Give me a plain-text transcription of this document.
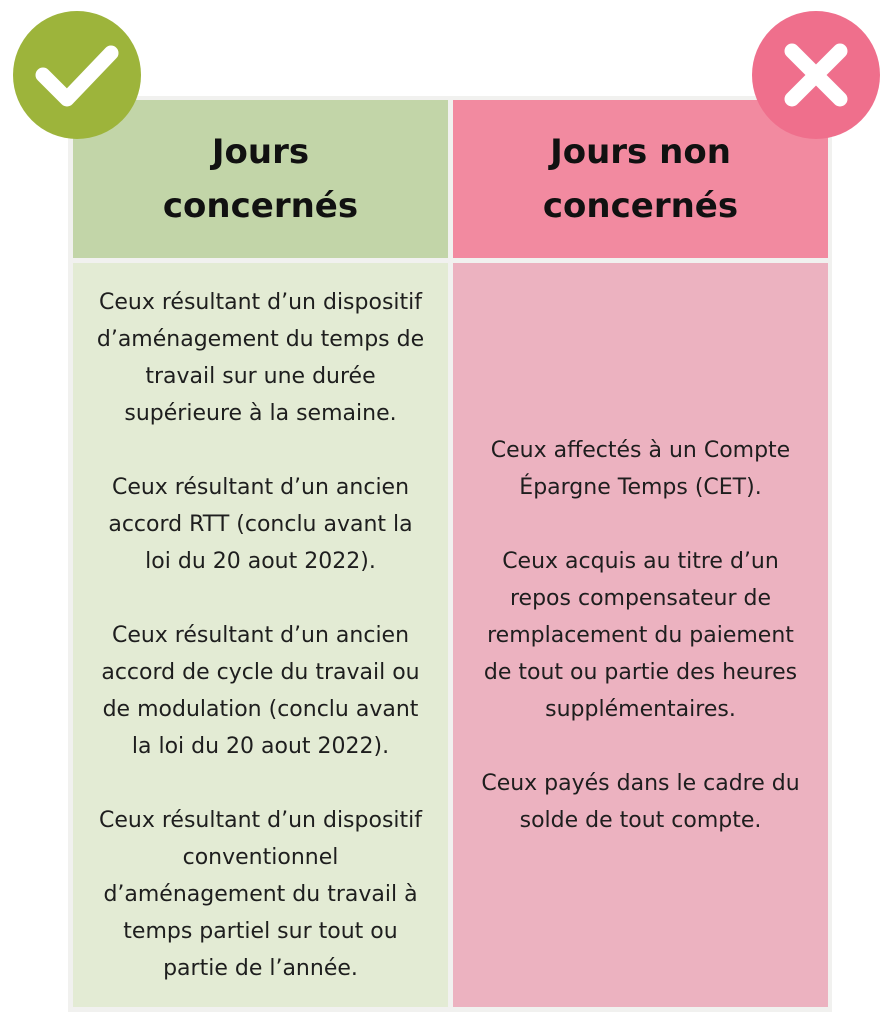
Jours
concernés
Jours non
concernés

Ceux résultant d’un dispositif
d’aménagement du temps de
travail sur une durée
supérieure à la semaine.

Ceux résultant d’un ancien
accord RTT (conclu avant la
loi du 20 aout 2022).

Ceux résultant d’un ancien
accord de cycle du travail ou
de modulation (conclu avant
la loi du 20 aout 2022).

Ceux résultant d’un dispositif
conventionnel
d’aménagement du travail à
temps partiel sur tout ou
partie de l’année.

Ceux affectés à un Compte
Épargne Temps (CET).

Ceux acquis au titre d’un
repos compensateur de
remplacement du paiement
de tout ou partie des heures
supplémentaires.

Ceux payés dans le cadre du
solde de tout compte.
